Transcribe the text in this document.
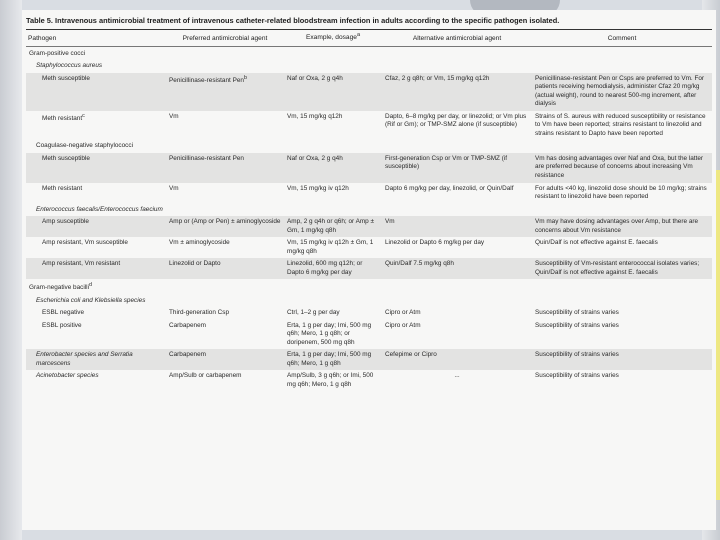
Table 5. Intravenous antimicrobial treatment of intravenous catheter-related bloodstream infection in adults according to the specific pathogen isolated.
Pathogen	Preferred antimicrobial agent	Example, dosage$^a$	Alternative antimicrobial agent	Comment
Gram-positive cocci				
Staphylococcus aureus				
Meth susceptible	Penicillinase-resistant Pen$^b$	Naf or Oxa, 2 g q4h	Cfaz, 2 g q8h; or Vm, 15 mg/kg q12h	Penicillinase-resistant Pen or Csps are preferred to Vm. For patients receiving hemodialysis, administer Cfaz 20 mg/kg (actual weight), round to nearest 500-mg increment, after dialysis
Meth resistant$^c$	Vm	Vm, 15 mg/kg q12h	Dapto, 6–8 mg/kg per day, or linezolid; or Vm plus (Rif or Gm); or TMP-SMZ alone (if susceptible)	Strains of S. aureus with reduced susceptibility or resistance to Vm have been reported; strains resistant to linezolid and strains resistant to Dapto have been reported
Coagulase-negative staphylococci				
Meth susceptible	Penicillinase-resistant Pen	Naf or Oxa, 2 g q4h	First-generation Csp or Vm or TMP-SMZ (if susceptible)	Vm has dosing advantages over Naf and Oxa, but the latter are preferred because of concerns about increasing Vm resistance
Meth resistant	Vm	Vm, 15 mg/kg iv q12h	Dapto 6 mg/kg per day, linezolid, or Quin/Dalf	For adults <40 kg, linezolid dose should be 10 mg/kg; strains resistant to linezolid have been reported
Enterococcus faecalis/Enterococcus faecium				
Amp susceptible	Amp or (Amp or Pen) ± aminoglycoside	Amp, 2 g q4h or q6h; or Amp ± Gm, 1 mg/kg q8h	Vm	Vm may have dosing advantages over Amp, but there are concerns about Vm resistance
Amp resistant, Vm susceptible	Vm ± aminoglycoside	Vm, 15 mg/kg iv q12h ± Gm, 1 mg/kg q8h	Linezolid or Dapto 6 mg/kg per day	Quin/Dalf is not effective against E. faecalis
Amp resistant, Vm resistant	Linezolid or Dapto	Linezolid, 600 mg q12h; or Dapto 6 mg/kg per day	Quin/Dalf 7.5 mg/kg q8h	Susceptibility of Vm-resistant enterococcal isolates varies; Quin/Dalf is not effective against E. faecalis
Gram-negative bacilli$^d$
Escherichia coli and Klebsiella species				
ESBL negative	Third-generation Csp	Ctrl, 1–2 g per day	Cipro or Atm	Susceptibility of strains varies
ESBL positive	Carbapenem	Erta, 1 g per day; Imi, 500 mg q6h; Mero, 1 g q8h; or doripenem, 500 mg q8h	Cipro or Atm	Susceptibility of strains varies
Enterobacter species and Serratia marcescens	Carbapenem	Erta, 1 g per day; Imi, 500 mg q6h; Mero, 1 g q8h	Cefepime or Cipro	Susceptibility of strains varies
Acinetobacter species	Amp/Sulb or carbapenem	Amp/Sulb, 3 g q6h; or Imi, 500 mg q6h; Mero, 1 g q8h	...	Susceptibility of strains varies
